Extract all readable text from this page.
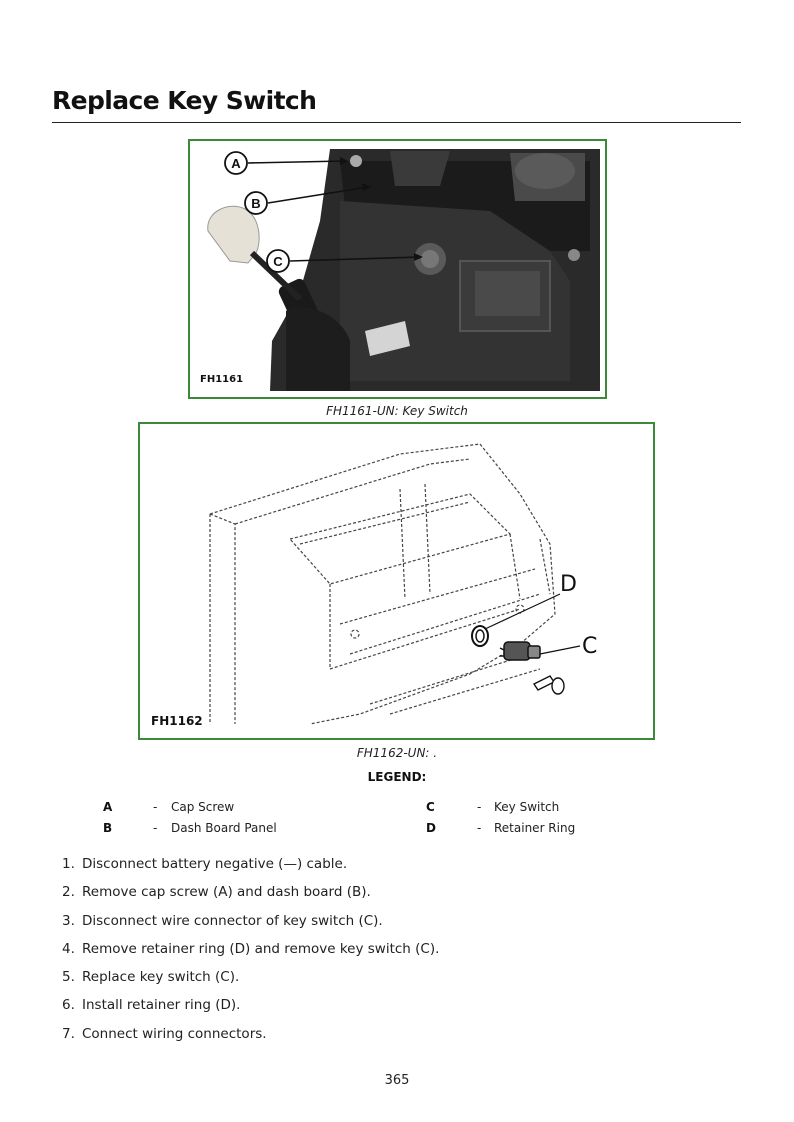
Replace Key Switch
A
B
C
FH1161
FH1161-UN: Key Switch
D
C
FH1162
FH1162-UN: .
LEGEND:
A	- Cap Screw
B	- Dash Board Panel
C	- Key Switch
D	- Retainer Ring
1. Disconnect battery negative (—) cable.
2. Remove cap screw (A) and dash board (B).
3. Disconnect wire connector of key switch (C).
4. Remove retainer ring (D) and remove key switch (C).
5. Replace key switch (C).
6. Install retainer ring (D).
7. Connect wiring connectors.
365
